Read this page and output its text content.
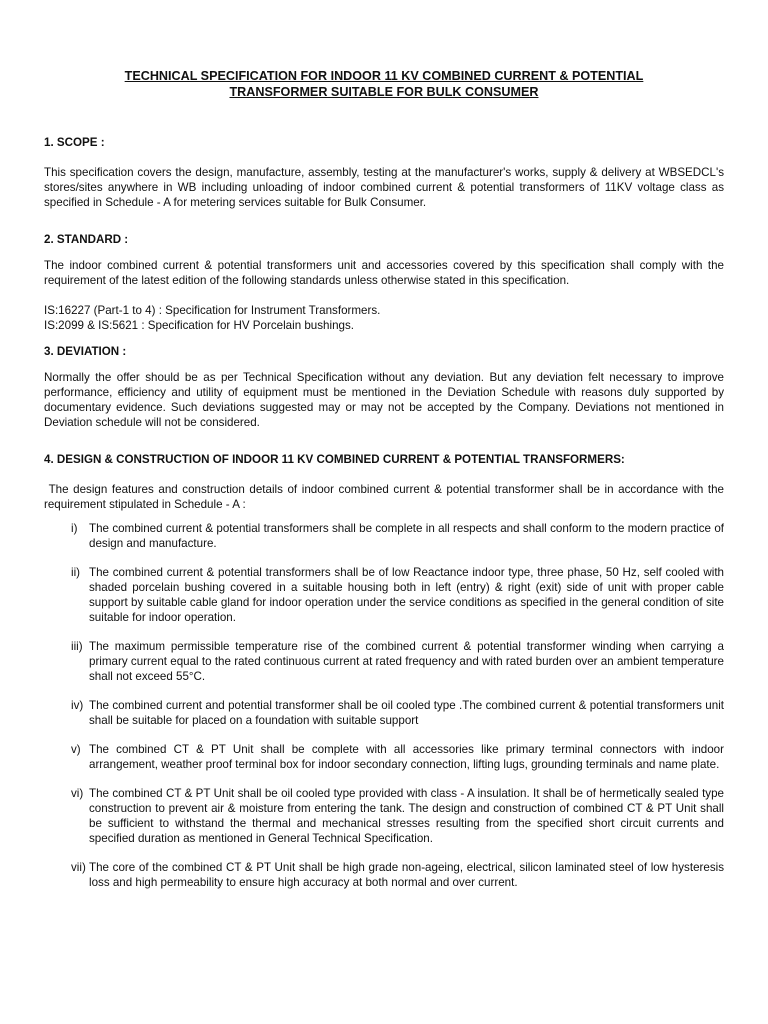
TECHNICAL SPECIFICATION FOR INDOOR 11 KV COMBINED CURRENT & POTENTIAL
TRANSFORMER SUITABLE FOR BULK CONSUMER

1. SCOPE :

This specification covers the design, manufacture, assembly, testing at the manufacturer's works, supply & delivery at WBSEDCL's stores/sites anywhere in WB including unloading of indoor combined current & potential transformers of 11KV voltage class as specified in Schedule - A for metering services suitable for Bulk Consumer.

2. STANDARD :

The indoor combined current & potential transformers unit and accessories covered by this specification shall comply with the requirement of the latest edition of the following standards unless otherwise stated in this specification.

IS:16227 (Part-1 to 4) : Specification for Instrument Transformers.

IS:2099 & IS:5621 : Specification for HV Porcelain bushings.

3. DEVIATION :

Normally the offer should be as per Technical Specification without any deviation. But any deviation felt necessary to improve performance, efficiency and utility of equipment must be mentioned in the Deviation Schedule with reasons duly supported by documentary evidence. Such deviations suggested may or may not be accepted by the Company. Deviations not mentioned in Deviation schedule will not be considered.

4. DESIGN & CONSTRUCTION OF INDOOR 11 KV COMBINED CURRENT & POTENTIAL TRANSFORMERS:

The design features and construction details of indoor combined current & potential transformer shall be in accordance with the requirement stipulated in Schedule - A :

i) The combined current & potential transformers shall be complete in all respects and shall conform to the modern practice of design and manufacture.
ii) The combined current & potential transformers shall be of low Reactance indoor type, three phase, 50 Hz, self cooled with shaded porcelain bushing covered in a suitable housing both in left (entry) & right (exit) side of unit with proper cable support by suitable cable gland for indoor operation under the service conditions as specified in the general condition of site suitable for indoor operation.
iii) The maximum permissible temperature rise of the combined current & potential transformer winding when carrying a primary current equal to the rated continuous current at rated frequency and with rated burden over an ambient temperature shall not exceed 55°C.
iv) The combined current and potential transformer shall be oil cooled type .The combined current & potential transformers unit shall be suitable for placed on a foundation with suitable support
v) The combined CT & PT Unit shall be complete with all accessories like primary terminal connectors with indoor arrangement, weather proof terminal box for indoor secondary connection, lifting lugs, grounding terminals and name plate.
vi) The combined CT & PT Unit shall be oil cooled type provided with class - A insulation. It shall be of hermetically sealed type construction to prevent air & moisture from entering the tank. The design and construction of combined CT & PT Unit shall be sufficient to withstand the thermal and mechanical stresses resulting from the specified short circuit currents and specified duration as mentioned in General Technical Specification.
vii) The core of the combined CT & PT Unit shall be high grade non-ageing, electrical, silicon laminated steel of low hysteresis loss and high permeability to ensure high accuracy at both normal and over current.
